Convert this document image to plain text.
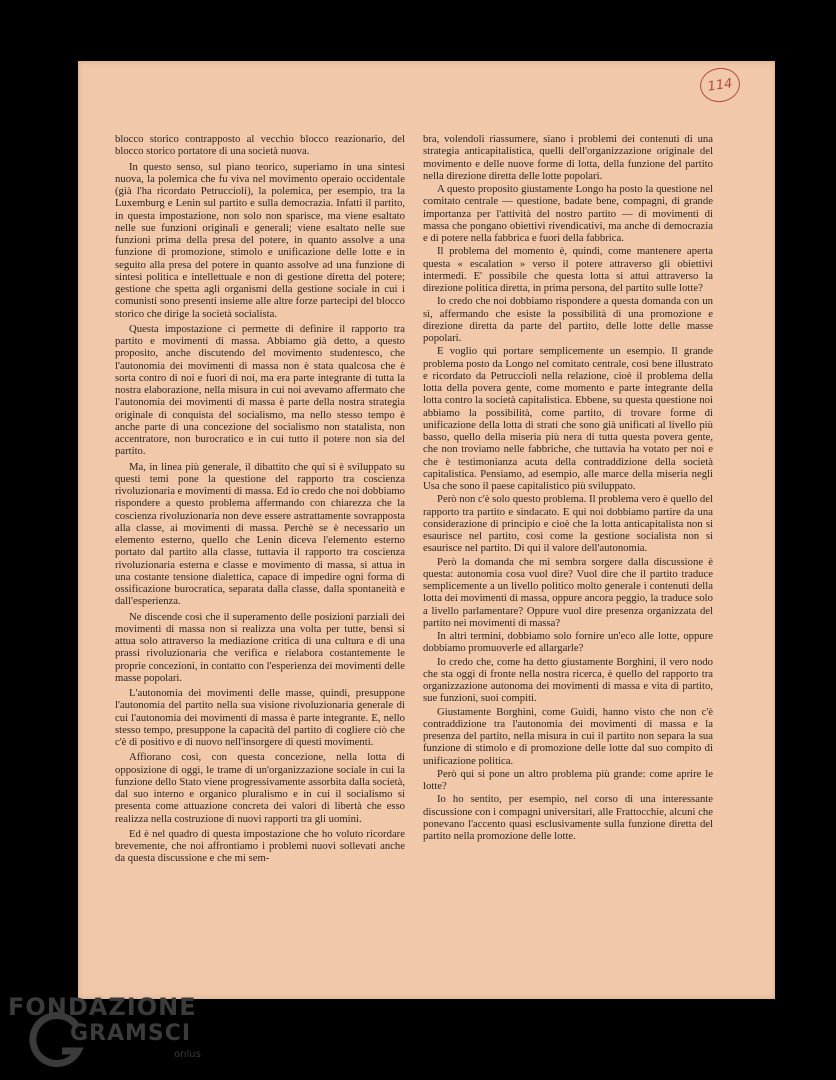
114

blocco storico contrapposto al vecchio blocco reazionario, del blocco storico portatore di una società nuova.

In questo senso, sul piano teorico, superiamo in una sintesi nuova, la polemica che fu viva nel movimento operaio occidentale (già l'ha ricordato Petruccioli), la polemica, per esempio, tra la Luxemburg e Lenin sul partito e sulla democrazia. Infatti il partito, in questa impostazione, non solo non sparisce, ma viene esaltato nelle sue funzioni originali e generali; viene esaltato nelle sue funzioni prima della presa del potere, in quanto assolve a una funzione di promozione, stimolo e unificazione delle lotte e in seguito alla presa del potere in quanto assolve ad una funzione di sintesi politica e intellettuale e non di gestione diretta del potere; gestione che spetta agli organismi della gestione sociale in cui i comunisti sono presenti insieme alle altre forze partecipi del blocco storico che dirige la società socialista.

Questa impostazione ci permette di definire il rapporto tra partito e movimenti di massa. Abbiamo già detto, a questo proposito, anche discutendo del movimento studentesco, che l'autonomia dei movimenti di massa non è stata qualcosa che è sorta contro di noi e fuori di noi, ma era parte integrante di tutta la nostra elaborazione, nella misura in cui noi avevamo affermato che l'autonomia dei movimenti di massa è parte della nostra strategia originale di conquista del socialismo, ma nello stesso tempo è anche parte di una concezione del socialismo non statalista, non accentratore, non burocratico e in cui tutto il potere non sia del partito.

Ma, in linea più generale, il dibattito che qui si è sviluppato su questi temi pone la questione del rapporto tra coscienza rivoluzionaria e movimenti di massa. Ed io credo che noi dobbiamo rispondere a questo problema affermando con chiarezza che la coscienza rivoluzionaria non deve essere astrattamente sovrapposta alla classe, ai movimenti di massa. Perchè se è necessario un elemento esterno, quello che Lenin diceva l'elemento esterno portato dal partito alla classe, tuttavia il rapporto tra coscienza rivoluzionaria esterna e classe e movimento di massa, si attua in una costante tensione dialettica, capace di impedire ogni forma di ossificazione burocratica, separata dalla classe, dalla spontaneità e dall'esperienza.

Ne discende così che il superamento delle posizioni parziali dei movimenti di massa non si realizza una volta per tutte, bensì si attua solo attraverso la mediazione critica di una cultura e di una prassi rivoluzionaria che verifica e rielabora costantemente le proprie concezioni, in contatto con l'esperienza dei movimenti delle masse popolari.

L'autonomia dei movimenti delle masse, quindi, presuppone l'autonomia del partito nella sua visione rivoluzionaria generale di cui l'autonomia dei movimenti di massa è parte integrante. E, nello stesso tempo, presuppone la capacità del partito di cogliere ciò che c'è di positivo e di nuovo nell'insorgere di questi movimenti.

Affiorano così, con questa concezione, nella lotta di opposizione di oggi, le trame di un'organizzazione sociale in cui la funzione dello Stato viene progressivamente assorbita dalla società, dal suo interno e organico pluralismo e in cui il socialismo si presenta come attuazione concreta dei valori di libertà che esso realizza nella costruzione di nuovi rapporti tra gli uomini.

Ed è nel quadro di questa impostazione che ho voluto ricordare brevemente, che noi affrontiamo i problemi nuovi sollevati anche da questa discussione e che mi sem-

bra, volendoli riassumere, siano i problemi dei contenuti di una strategia anticapitalistica, quelli dell'organizzazione originale del movimento e delle nuove forme di lotta, della funzione del partito nella direzione diretta delle lotte popolari.

A questo proposito giustamente Longo ha posto la questione nel comitato centrale — questione, badate bene, compagni, di grande importanza per l'attività del nostro partito — di movimenti di massa che pongano obiettivi rivendicativi, ma anche di democrazia e di potere nella fabbrica e fuori della fabbrica.

Il problema del momento è, quindi, come mantenere aperta questa « escalation » verso il potere attraverso gli obiettivi intermedi. E' possibile che questa lotta si attui attraverso la direzione politica diretta, in prima persona, del partito sulle lotte?

Io credo che noi dobbiamo rispondere a questa domanda con un sì, affermando che esiste la possibilità di una promozione e direzione diretta da parte del partito, delle lotte delle masse popolari.

E voglio qui portare semplicemente un esempio. Il grande problema posto da Longo nel comitato centrale, così bene illustrato e ricordato da Petruccioli nella relazione, cioè il problema della lotta della povera gente, come momento e parte integrante della lotta contro la società capitalistica. Ebbene, su questa questione noi abbiamo la possibilità, come partito, di trovare forme di unificazione della lotta di strati che sono già unificati al livello più basso, quello della miseria più nera di tutta questa povera gente, che non troviamo nelle fabbriche, che tuttavia ha votato per noi e che è testimonianza acuta della contraddizione della società capitalistica. Pensiamo, ad esempio, alle marce della miseria negli Usa che sono il paese capitalistico più sviluppato.

Però non c'è solo questo problema. Il problema vero è quello del rapporto tra partito e sindacato. E qui noi dobbiamo partire da una considerazione di principio e cioè che la lotta anticapitalista non si esaurisce nel partito, così come la gestione socialista non si esaurisce nel partito. Di qui il valore dell'autonomia.

Però la domanda che mi sembra sorgere dalla discussione è questa: autonomia cosa vuol dire? Vuol dire che il partito traduce semplicemente a un livello politico molto generale i contenuti della lotta dei movimenti di massa, oppure ancora peggio, la traduce solo a livello parlamentare? Oppure vuol dire presenza organizzata del partito nei movimenti di massa?

In altri termini, dobbiamo solo fornire un'eco alle lotte, oppure dobbiamo promuoverle ed allargarle?

Io credo che, come ha detto giustamente Borghini, il vero nodo che sta oggi di fronte nella nostra ricerca, è quello del rapporto tra organizzazione autonoma dei movimenti di massa e vita di partito, sue funzioni, suoi compiti.

Giustamente Borghini, come Guidi, hanno visto che non c'è contraddizione tra l'autonomia dei movimenti di massa e la presenza del partito, nella misura in cui il partito non separa la sua funzione di stimolo e di promozione delle lotte dal suo compito di unificazione politica.

Però qui si pone un altro problema più grande: come aprire le lotte?

Io ho sentito, per esempio, nel corso di una interessante discussione con i compagni universitari, alle Frattocchie, alcuni che ponevano l'accento quasi esclusivamente sulla funzione diretta del partito nella promozione delle lotte.

FONDAZIONE
GRAMSCI
onlus
